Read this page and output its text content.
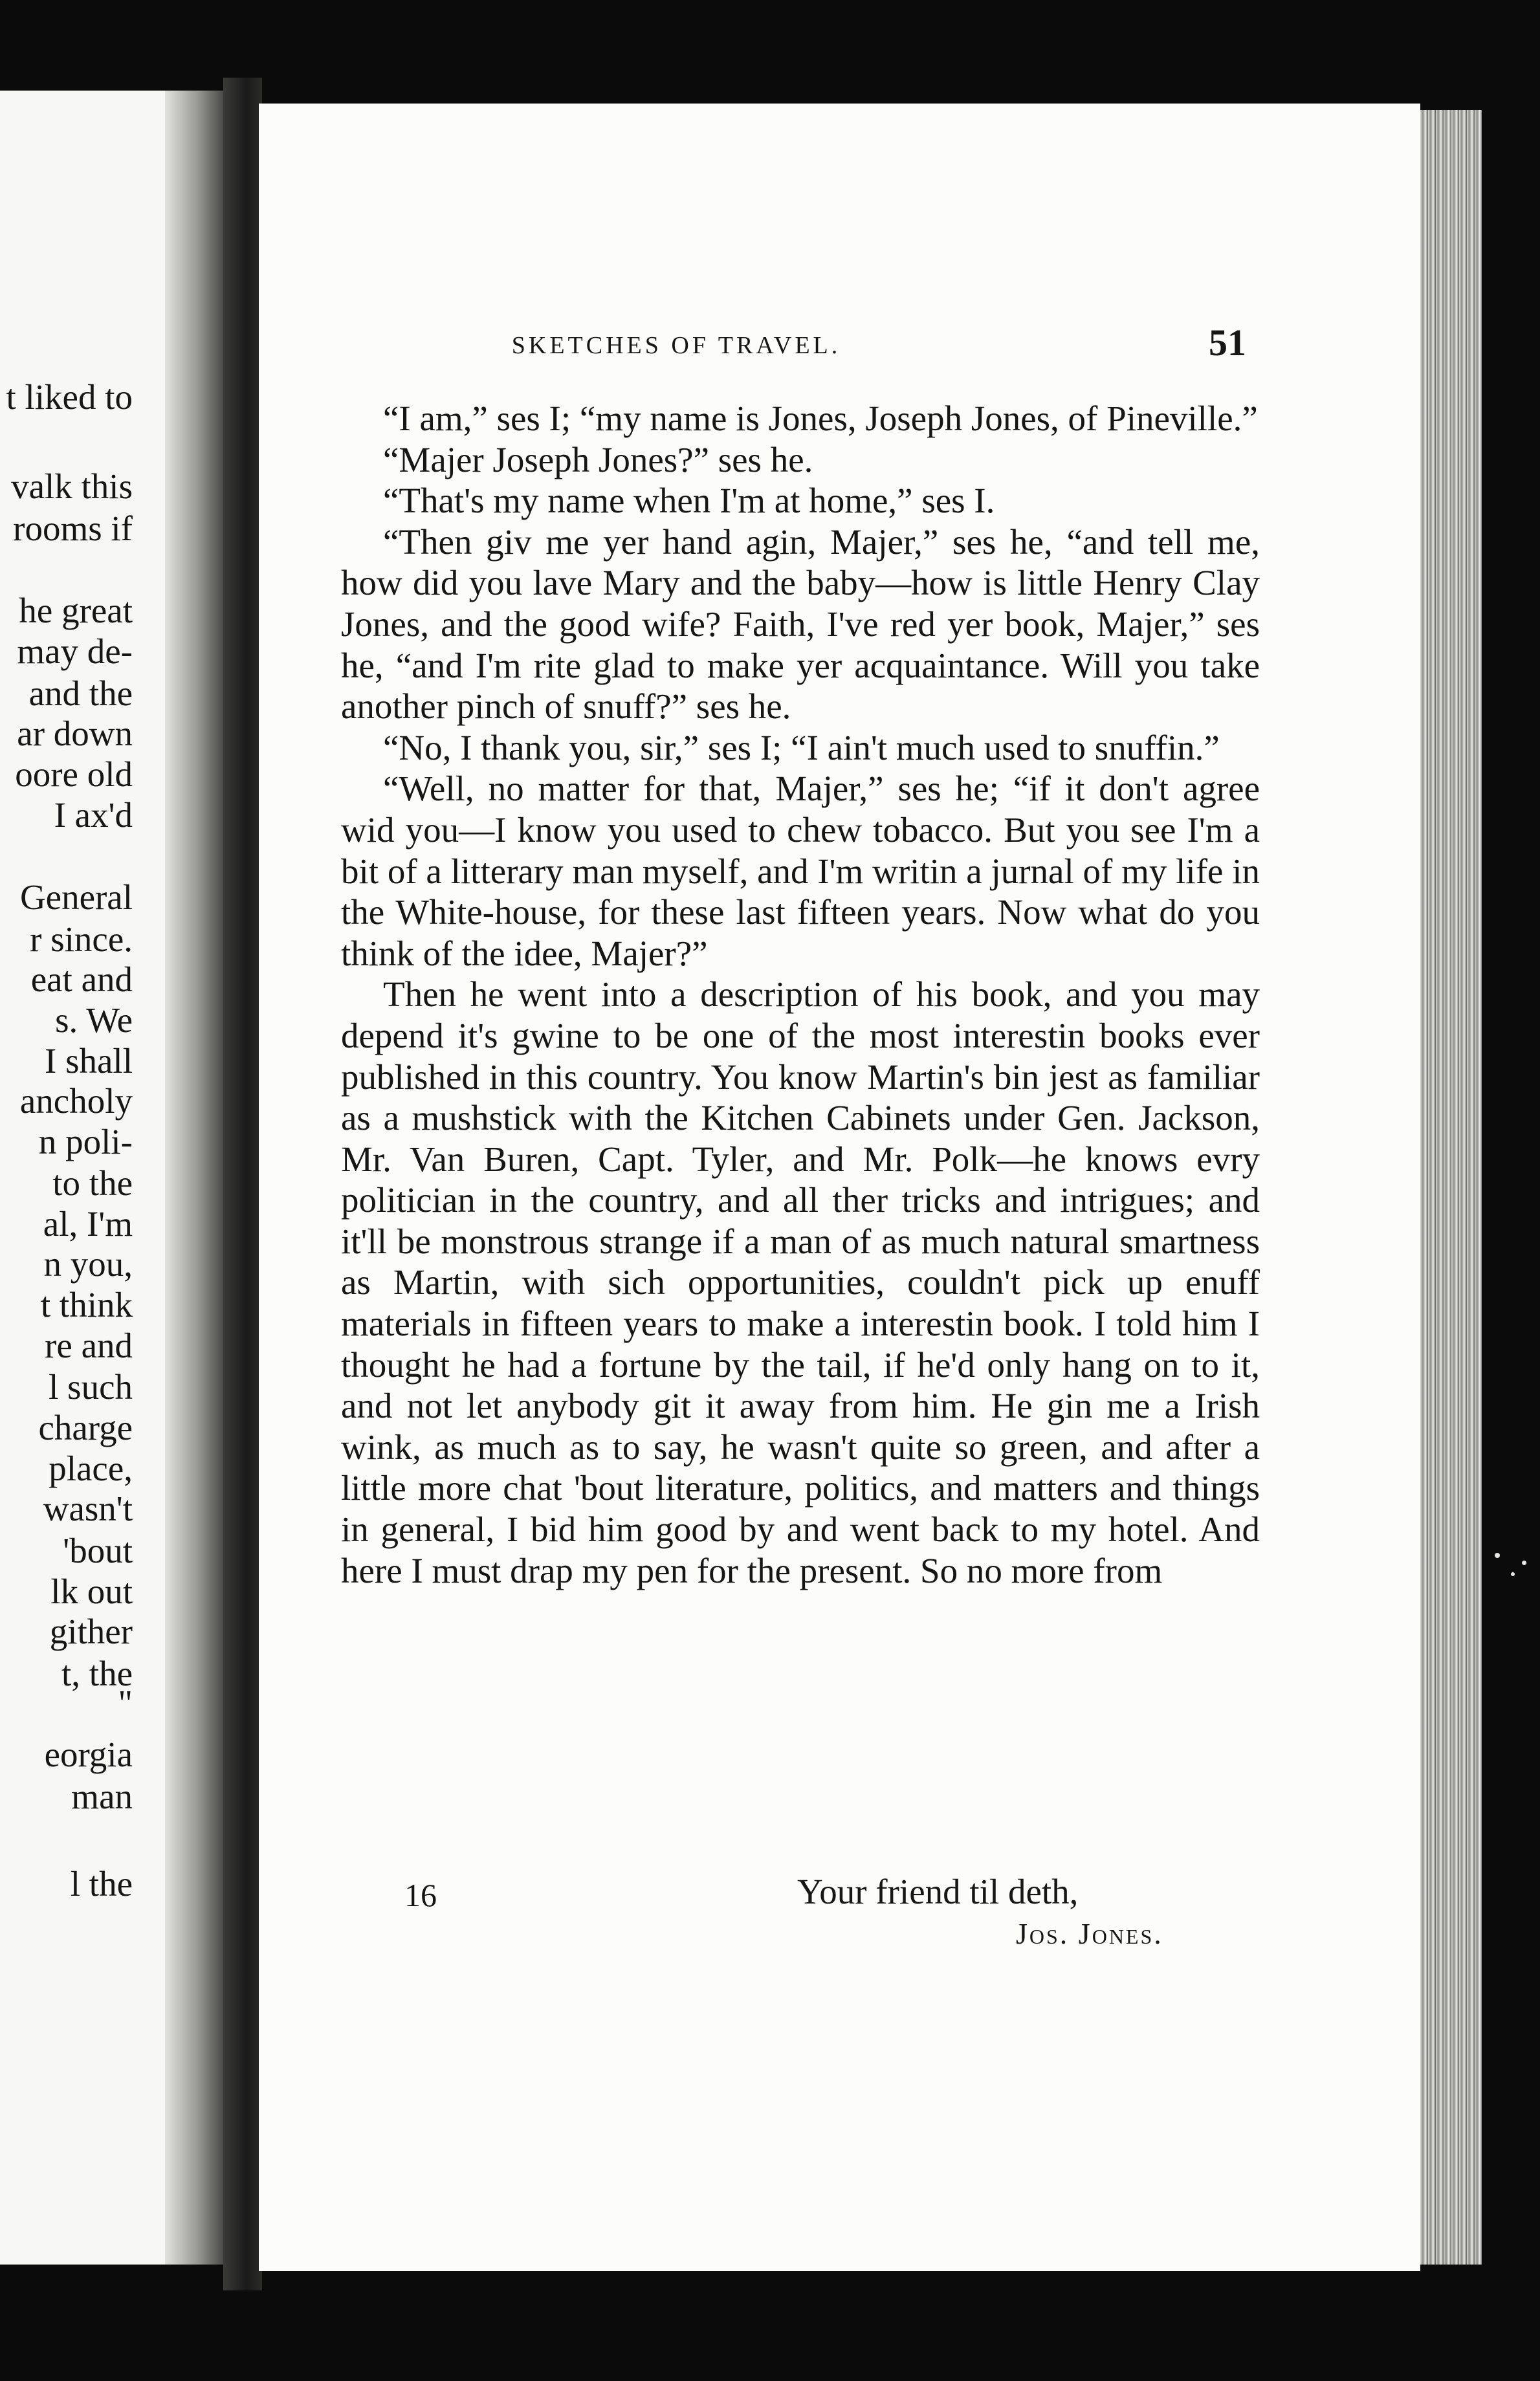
t liked to
valk this
rooms if
he great
may de-
and the
ar down
oore old
I ax'd
General
r since.
eat and
s. We
I shall
ancholy
n poli-
to the
al, I'm
n you,
t think
re and
l such
charge
place,
wasn't
'bout
lk out
gither
t, the
"
eorgia
man
l the
SKETCHES OF TRAVEL.	51

“I am,” ses I; “my name is Jones, Joseph Jones, of Pineville.”

“Majer Joseph Jones?” ses he.

“That's my name when I'm at home,” ses I.

“Then giv me yer hand agin, Majer,” ses he, “and tell me, how did you lave Mary and the baby—how is little Henry Clay Jones, and the good wife? Faith, I've red yer book, Majer,” ses he, “and I'm rite glad to make yer acquaintance. Will you take another pinch of snuff?” ses he.

“No, I thank you, sir,” ses I; “I ain't much used to snuffin.”

“Well, no matter for that, Majer,” ses he; “if it don't agree wid you—I know you used to chew tobacco. But you see I'm a bit of a litterary man myself, and I'm writin a jurnal of my life in the White-house, for these last fifteen years. Now what do you think of the idee, Majer?”

Then he went into a description of his book, and you may depend it's gwine to be one of the most interestin books ever published in this country. You know Martin's bin jest as familiar as a mushstick with the Kitchen Cabinets under Gen. Jackson, Mr. Van Buren, Capt. Tyler, and Mr. Polk—he knows evry politician in the country, and all ther tricks and intrigues; and it'll be monstrous strange if a man of as much natural smartness as Martin, with sich opportunities, couldn't pick up enuff materials in fifteen years to make a interestin book. I told him I thought he had a fortune by the tail, if he'd only hang on to it, and not let anybody git it away from him. He gin me a Irish wink, as much as to say, he wasn't quite so green, and after a little more chat 'bout literature, politics, and matters and things in general, I bid him good by and went back to my hotel. And here I must drap my pen for the present. So no more from

16	Your friend til deth,
Jos. Jones.
